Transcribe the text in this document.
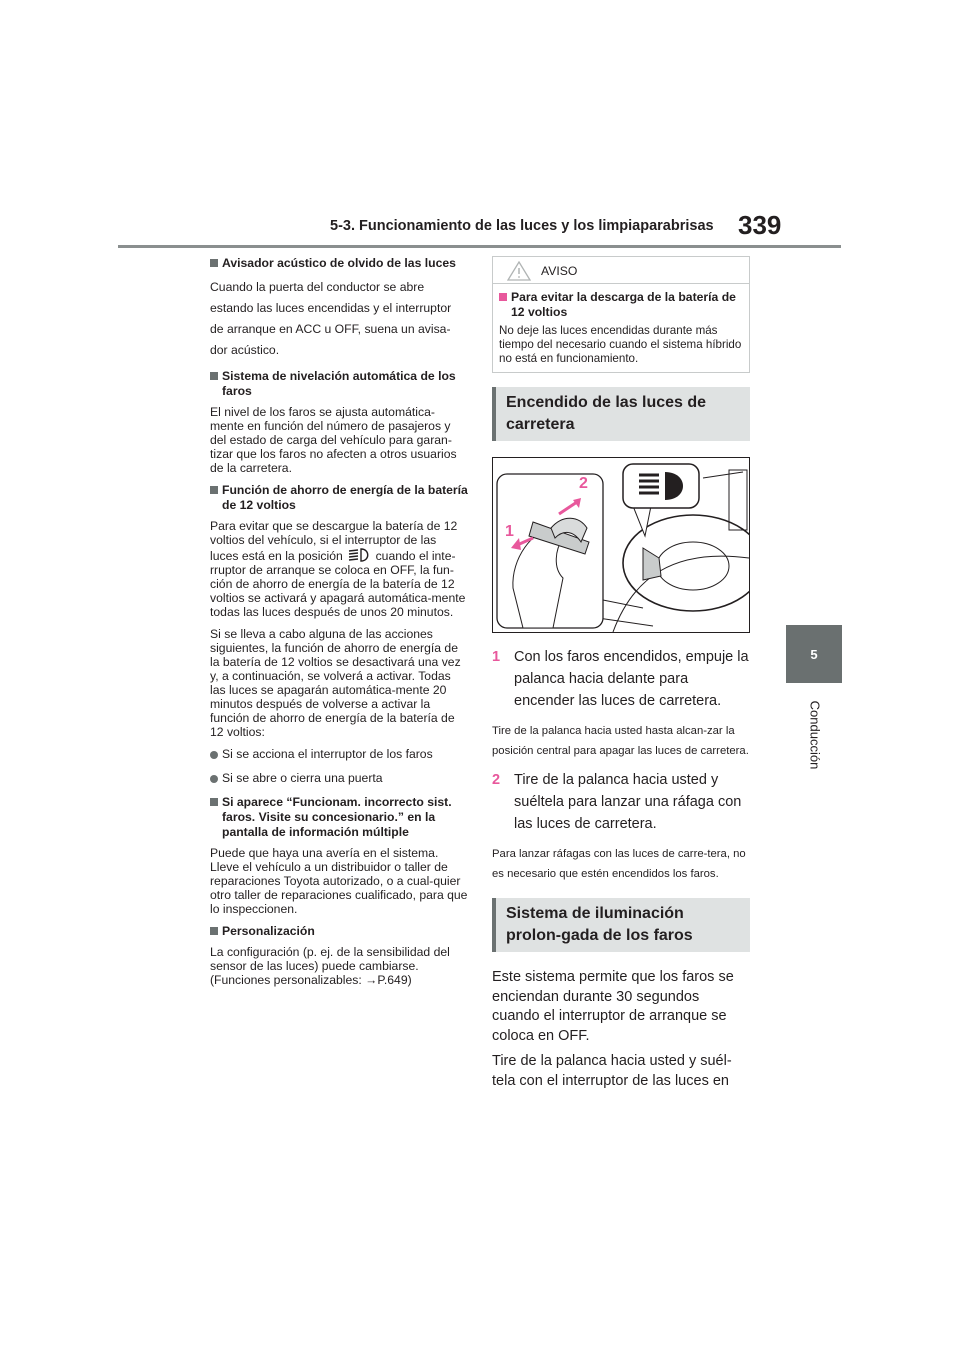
5-3. Funcionamiento de las luces y los limpiaparabrisas 339
5
Conducción
Avisador acústico de olvido de las luces
Cuando la puerta del conductor se abre estando las luces encendidas y el interruptor de arranque en ACC u OFF, suena un avisa-dor acústico.
Sistema de nivelación automática de los faros
El nivel de los faros se ajusta automática-mente en función del número de pasajeros y del estado de carga del vehículo para garan-tizar que los faros no afecten a otros usuarios de la carretera.
Función de ahorro de energía de la batería de 12 voltios
Para evitar que se descargue la batería de 12 voltios del vehículo, si el interruptor de las luces está en la posición	cuando el inte-rruptor de arranque se coloca en OFF, la fun-ción de ahorro de energía de la batería de 12 voltios se activará y apagará automática-mente todas las luces después de unos 20 minutos.
Si se lleva a cabo alguna de las acciones siguientes, la función de ahorro de energía de la batería de 12 voltios se desactivará una vez y, a continuación, se volverá a activar. Todas las luces se apagarán automática-mente 20 minutos después de volverse a activar la función de ahorro de energía de la batería de 12 voltios:
Si se acciona el interruptor de los faros
Si se abre o cierra una puerta
Si aparece “Funcionam. incorrecto sist. faros. Visite su concesionario.” en la pantalla de información múltiple
Puede que haya una avería en el sistema. Lleve el vehículo a un distribuidor o taller de reparaciones Toyota autorizado, o a cual-quier otro taller de reparaciones cualificado, para que lo inspeccionen.
Personalización
La configuración (p. ej. de la sensibilidad del sensor de las luces) puede cambiarse. (Funciones personalizables: →P.649)
AVISO
Para evitar la descarga de la batería de 12 voltios
No deje las luces encendidas durante más tiempo del necesario cuando el sistema híbrido no está en funcionamiento.
Encendido de las luces de carretera
1
2
1 Con los faros encendidos, empuje la palanca hacia delante para encender las luces de carretera.
Tire de la palanca hacia usted hasta alcan-zar la posición central para apagar las luces de carretera.
2 Tire de la palanca hacia usted y suéltela para lanzar una ráfaga con las luces de carretera.
Para lanzar ráfagas con las luces de carre-tera, no es necesario que estén encendidos los faros.
Sistema de iluminación prolon-gada de los faros
Este sistema permite que los faros se enciendan durante 30 segundos cuando el interruptor de arranque se coloca en OFF.
Tire de la palanca hacia usted y suél-tela con el interruptor de las luces en
